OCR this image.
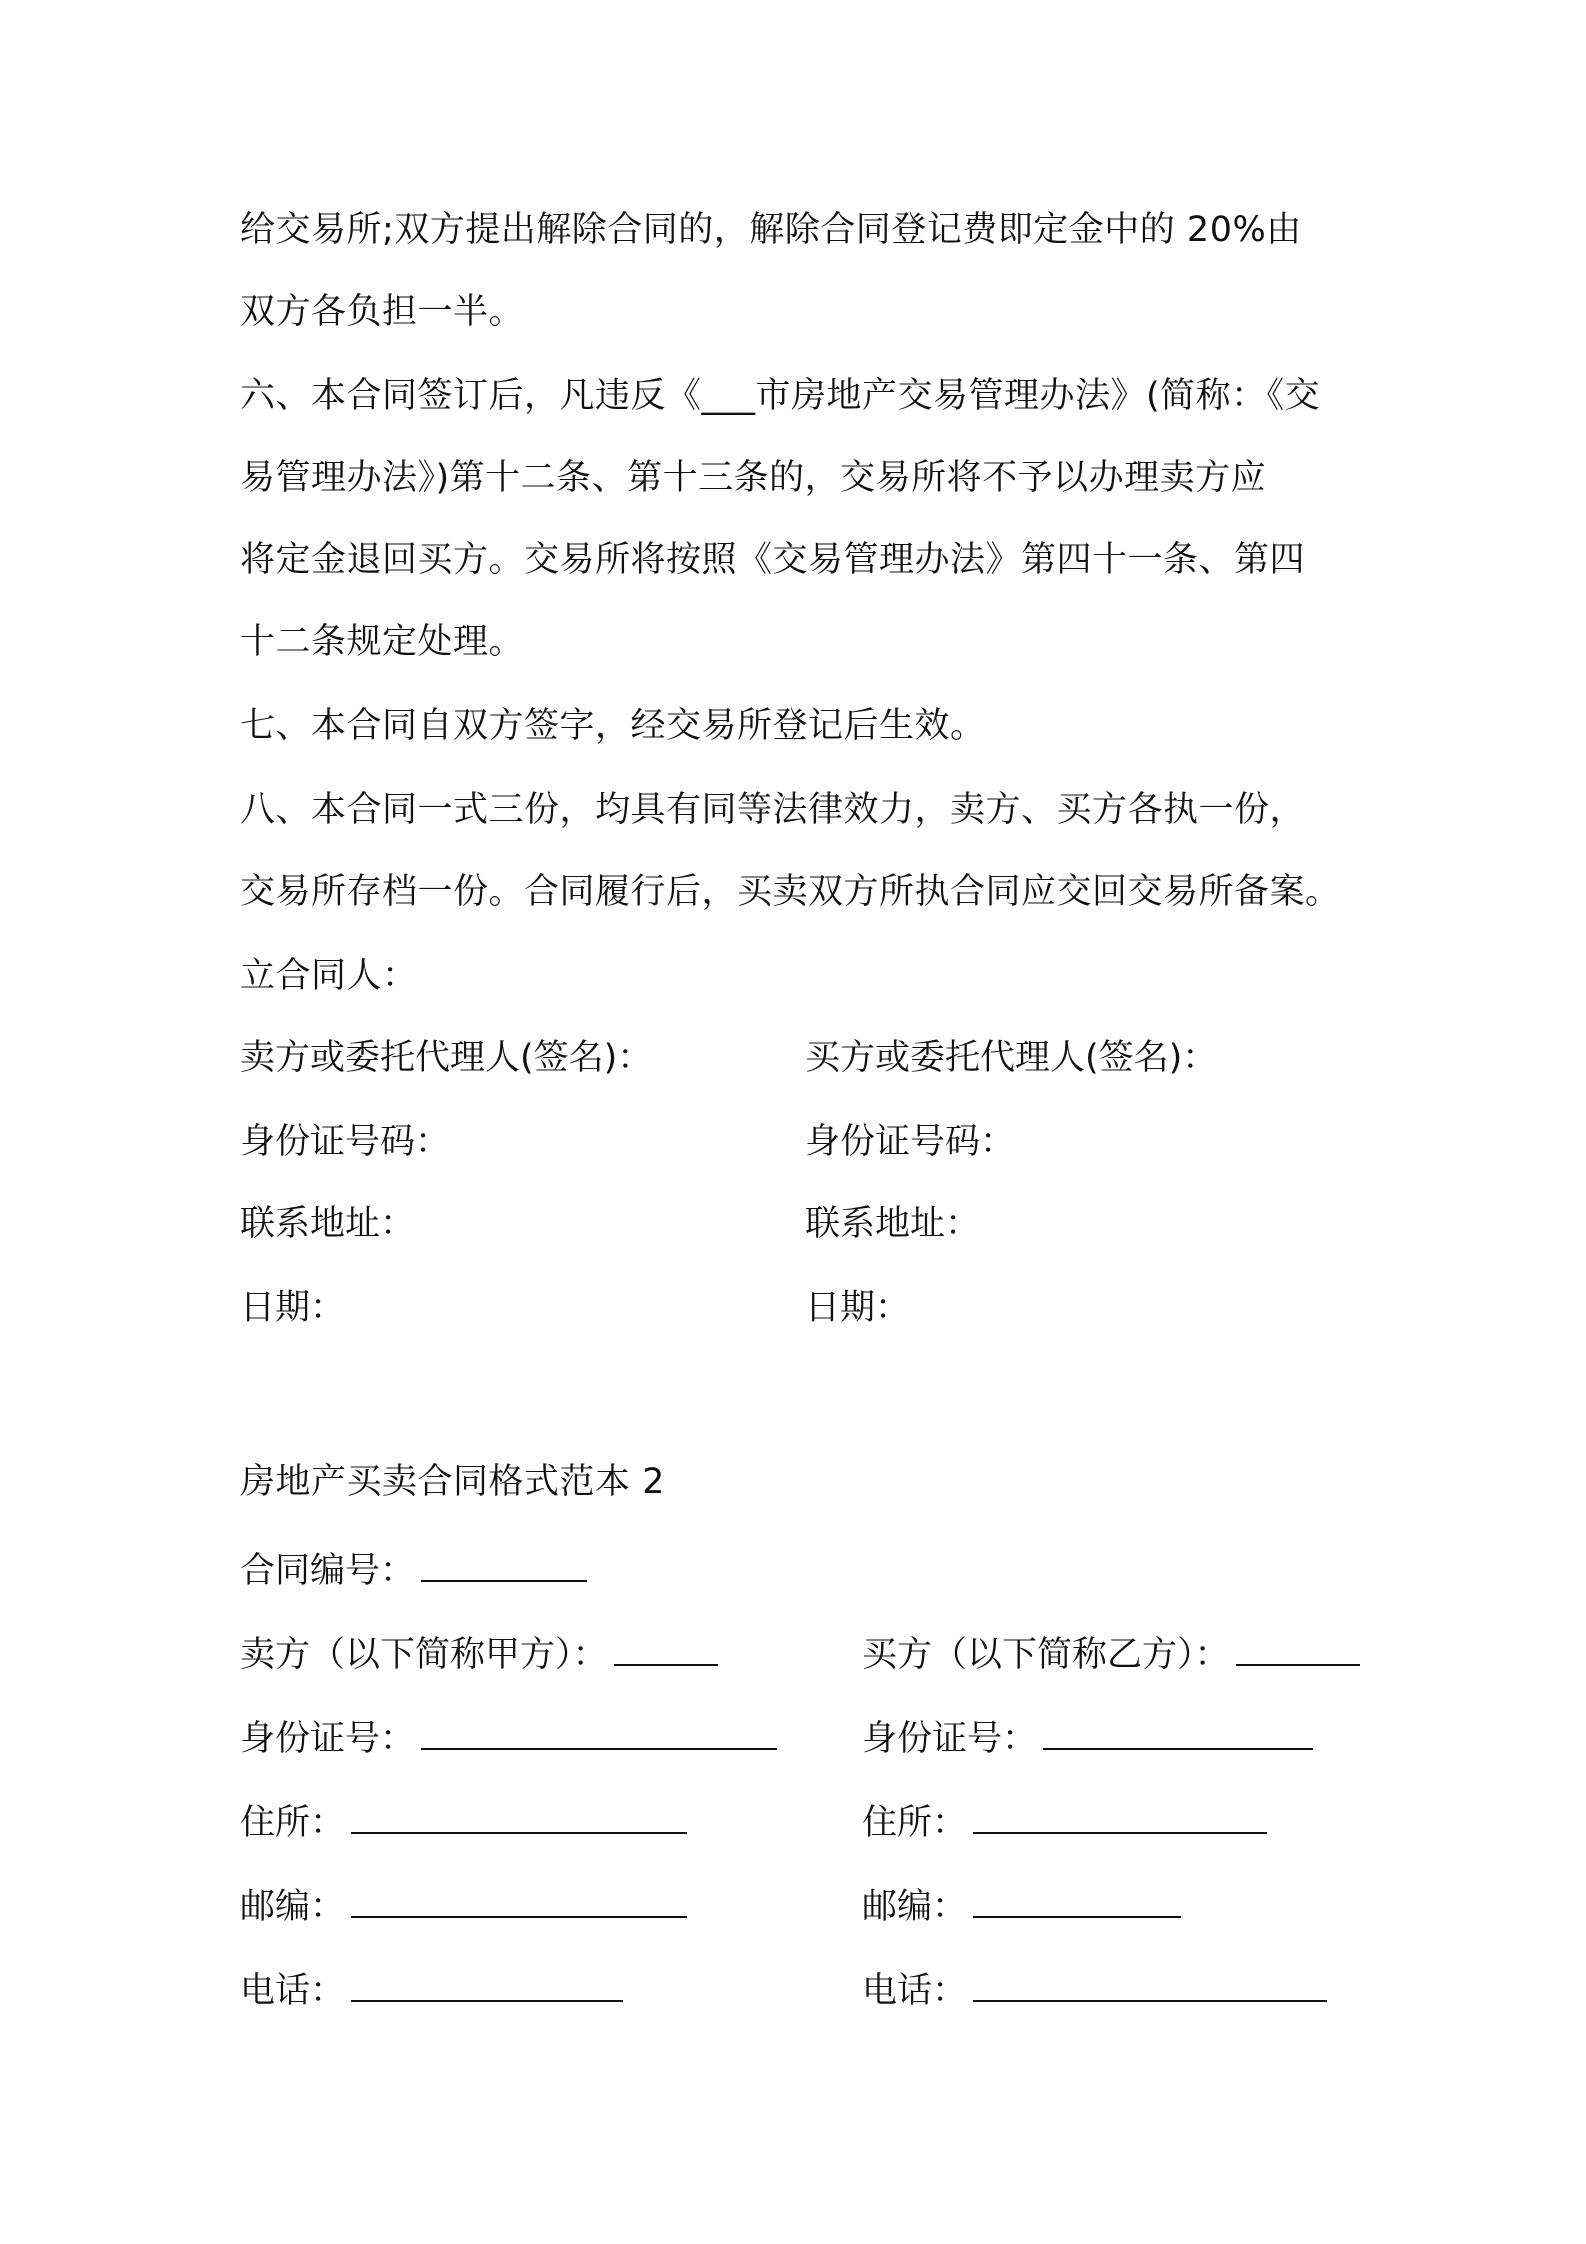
给交易所;双方提出解除合同的，解除合同登记费即定金中的 20%由
双方各负担一半。
六、本合同签订后，凡违反《___市房地产交易管理办法》(简称：《交
易管理办法》)第十二条、第十三条的，交易所将不予以办理卖方应
将定金退回买方。交易所将按照《交易管理办法》第四十一条、第四
十二条规定处理。
七、本合同自双方签字，经交易所登记后生效。
八、本合同一式三份，均具有同等法律效力，卖方、买方各执一份，
交易所存档一份。合同履行后，买卖双方所执合同应交回交易所备案。
立合同人：
卖方或委托代理人(签名)：	买方或委托代理人(签名)：
身份证号码：	身份证号码：
联系地址：	联系地址：
日期：	日期：
房地产买卖合同格式范本 2
合同编号：
卖方（以下简称甲方）：	买方（以下简称乙方）：
身份证号：	身份证号：
住所：	住所：
邮编：	邮编：
电话：	电话：
